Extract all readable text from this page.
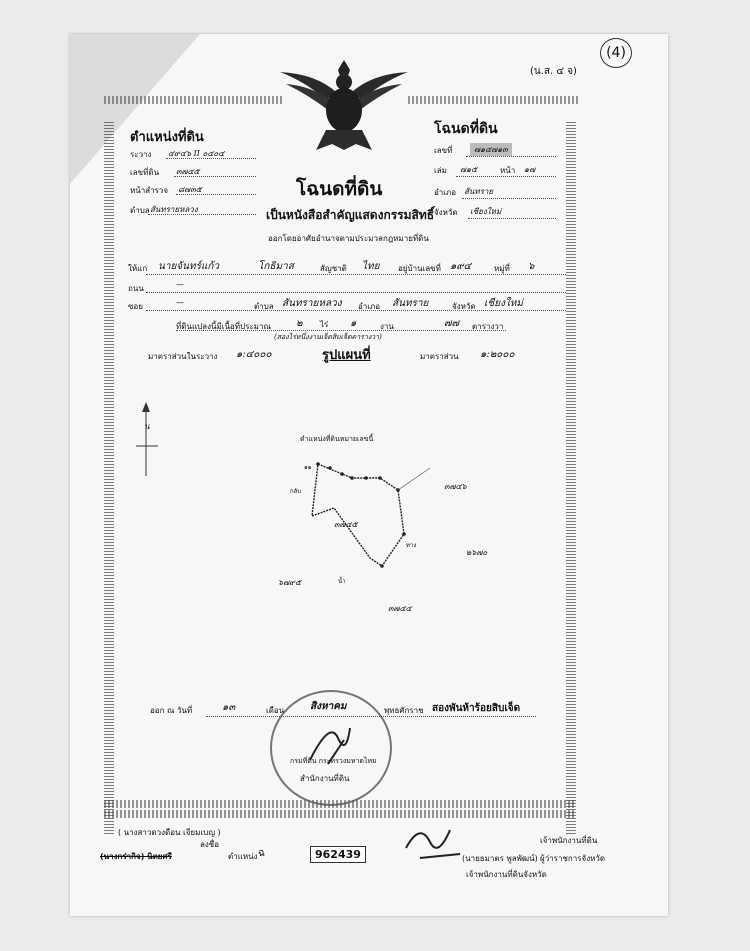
(4)
(น.ส. ๔ จ)
ตำแหน่งที่ดิน
ระวาง ๔๙๔๖ II ๐๔๐๔
เลขที่ดิน ๓๗๔๕
หน้าสำรวจ ๘๗๓๕
ตำบล สันทรายหลวง
โฉนดที่ดิน
เลขที่	๗๑๔๗๑๓
เล่ม ๗๑๕	หน้า ๑๗
อำเภอ สันทราย
จังหวัด เชียงใหม่
โฉนดที่ดิน
เป็นหนังสือสำคัญแสดงกรรมสิทธิ์
ออกโดยอาศัยอำนาจตามประมวลกฎหมายที่ดิน
ให้แก่ นายจันทร์แก้ว	โกธิมาส	สัญชาติ ไทย อยู่บ้านเลขที่ ๑๙๔	หมู่ที่ ๖
ถนน	—
ซอย	—	ตำบล สันทรายหลวง อำเภอ สันทราย	จังหวัด เชียงใหม่
ที่ดินแปลงนี้มีเนื้อที่ประมาณ	๒ ไร่ ๑	งาน	๗๗ ตารางวา
(สองไร่หนึ่งงานเจ็ดสิบเจ็ดตารางวา)
มาตราส่วนในระวาง ๑:๔๐๐๐	รูปแผนที่	มาตราส่วน ๑:๒๐๐๐
ตำแหน่งที่ดินหมายเลขนี้
น
๓๗๔๕
๓๗๔๖
๒๖๗๐
๖๗๙๕
๓๗๔๔
๑๑
กลับ
ทาง
น้ำ
ออก ณ วันที่	๑๓	เดือน	สิงหาคม	พุทธศักราช สองพันห้าร้อยสิบเจ็ด
กรมที่ดิน กระทรวงมหาดไทย
สำนักงานที่ดิน
( นางสาวดวงดือน เจียมเบญ )
ลงชื่อ
(นางกร่ากิจ) นิตยศรี	ตำแหน่ง ฉ	962439
เจ้าพนักงานที่ดิน
(นายธมาตร พูลพัฒน์) ผู้ว่าราชการจังหวัด
เจ้าพนักงานที่ดินจังหวัด
